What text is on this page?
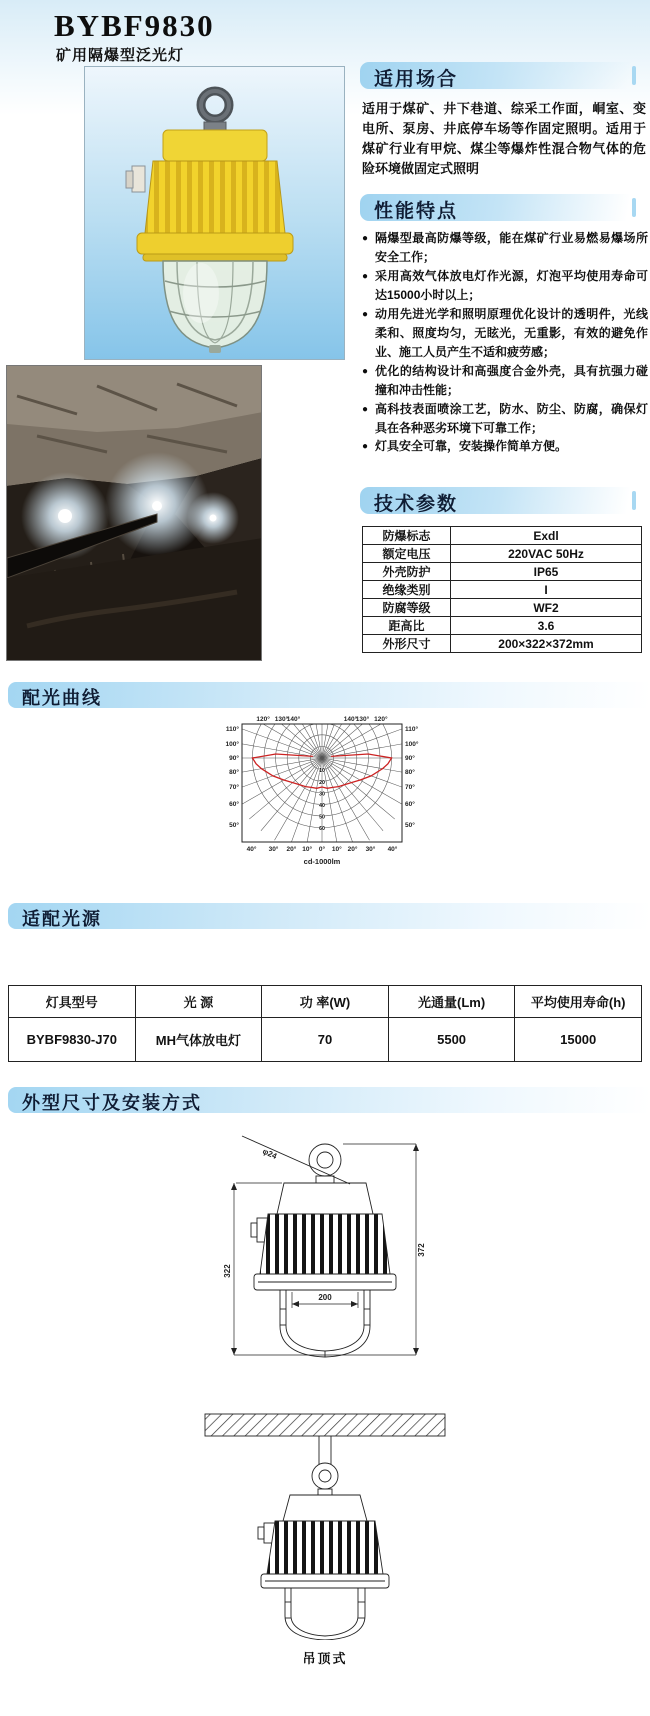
BYBF9830
矿用隔爆型泛光灯
适用场合

适用于煤矿、井下巷道、综采工作面，峒室、变电所、泵房、井底停车场等作固定照明。适用于煤矿行业有甲烷、煤尘等爆炸性混合物气体的危险环境做固定式照明

性能特点
● 隔爆型最高防爆等级，能在煤矿行业易燃易爆场所安全工作；
● 采用高效气体放电灯作光源，灯泡平均使用寿命可达15000小时以上；
● 动用先进光学和照明原理优化设计的透明件，光线柔和、照度均匀，无眩光，无重影，有效的避免作业、施工人员产生不适和疲劳感；
● 优化的结构设计和高强度合金外壳，具有抗强力碰撞和冲击性能；
● 高科技表面喷涂工艺，防水、防尘、防腐，确保灯具在各种恶劣环境下可靠工作；
● 灯具安全可靠，安装操作简单方便。
技术参数
防爆标志	Exdl
额定电压	220VAC 50Hz
外壳防护	IP65
绝缘类别	I
防腐等级	WF2
距高比	3.6
外形尺寸	200×322×372mm
配光曲线
120°	120°
130°	130°
140°	140°
110°	110°
100°	100°
90°	90°
80°	80°
70°	70°
60°	60°
50°	50°
40° 30° 20° 10° 0° 10° 20° 30° 40°
10
20
30
40
50
60
cd-1000lm
适配光源
灯具型号	光 源	功 率(W)	光通量(Lm)	平均使用寿命(h)
BYBF9830-J70	MH气体放电灯	70	5500	15000
外型尺寸及安装方式
φ24
322
372
200
吊顶式
